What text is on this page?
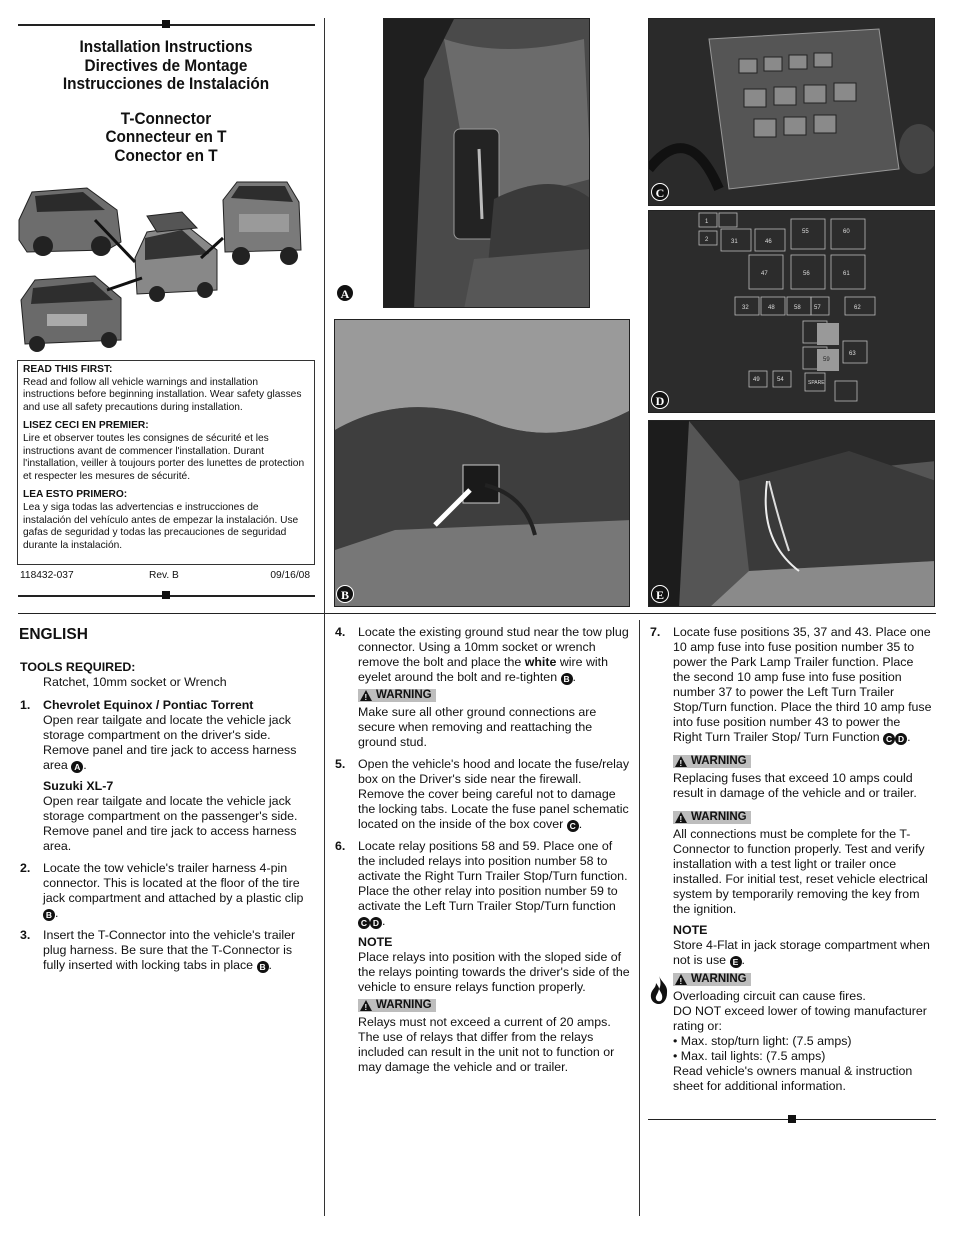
Installation Instructions
Directives de Montage
Instrucciones de Instalación
T-Connector
Connecteur en T
Conector en T

READ THIS FIRST:
Read and follow all vehicle warnings and installation instructions before beginning installation. Wear safety glasses and use all safety precautions during installation.

LISEZ CECI EN PREMIER:
Lire et observer toutes les consignes de sécurité et les instructions avant de commencer l'installation. Durant l'installation, veiller à toujours porter des lunettes de protection et respecter les mesures de sécurité.

LEA ESTO PRIMERO:
Lea y siga todas las advertencias e instrucciones de instalación del vehículo antes de empezar la instalación. Use gafas de seguridad y todas las precauciones de seguridad durante la instalación.

118432-037	Rev. B	09/16/08
A
B
C
1
2	31	46
55	60
47	56	61
32	48	58 57	62
59
63
49	54	SPARE
D
E
ENGLISH
TOOLS REQUIRED:
Ratchet, 10mm socket or Wrench
1.	Chevrolet Equinox / Pontiac Torrent
Open rear tailgate and locate the vehicle jack storage compartment on the driver's side. Remove panel and tire jack to access harness area A .
Suzuki XL-7
Open rear tailgate and locate the vehicle jack storage compartment on the passenger's side. Remove panel and tire jack to access harness area.
2.	Locate the tow vehicle's trailer harness 4-pin connector. This is located at the floor of the tire jack compartment and attached by a plastic clip B .
3.	Insert the T-Connector into the vehicle's trailer plug harness. Be sure that the T-Connector is fully inserted with locking tabs in place B .
4.	Locate the existing ground stud near the tow plug connector. Using a 10mm socket or wrench remove the bolt and place the white wire with eyelet around the bolt and re-tighten B .
!
WARNING
Make sure all other ground connections are secure when removing and reattaching the ground stud.
5.	Open the vehicle's hood and locate the fuse/relay box on the Driver's side near the firewall. Remove the cover being careful not to damage the locking tabs. Locate the fuse panel schematic located on the inside of the box cover C .
6.	Locate relay positions 58 and 59. Place one of the included relays into position number 58 to activate the Right Turn Trailer Stop/Turn function. Place the other relay into position number 59 to activate the Left Turn Trailer Stop/Turn function C D .
NOTE
Place relays into position with the sloped side of the relays pointing towards the driver's side of the vehicle to ensure relays function properly.
!
WARNING
Relays must not exceed a current of 20 amps. The use of relays that differ from the relays included can result in the unit not to function or may damage the vehicle and or trailer.
7.	Locate fuse positions 35, 37 and 43. Place one 10 amp fuse into fuse position number 35 to power the Park Lamp Trailer function. Place the second 10 amp fuse into fuse position number 37 to power the Left Turn Trailer Stop/Turn function. Place the third 10 amp fuse into fuse position number 43 to power the Right Turn Trailer Stop/ Turn Function C D .
!
WARNING
Replacing fuses that exceed 10 amps could result in damage of the vehicle and or trailer.
!
WARNING
All connections must be complete for the T-Connector to function properly. Test and verify installation with a test light or trailer once installed. For initial test, reset vehicle electrical system by temporarily removing the key from the ignition.
NOTE
Store 4-Flat in jack storage compartment when not is use E .
!
WARNING
Overloading circuit can cause fires.
DO NOT exceed lower of towing manufacturer rating or:
• Max. stop/turn light: (7.5 amps)
• Max. tail lights: (7.5 amps)
Read vehicle's owners manual & instruction sheet for additional information.
